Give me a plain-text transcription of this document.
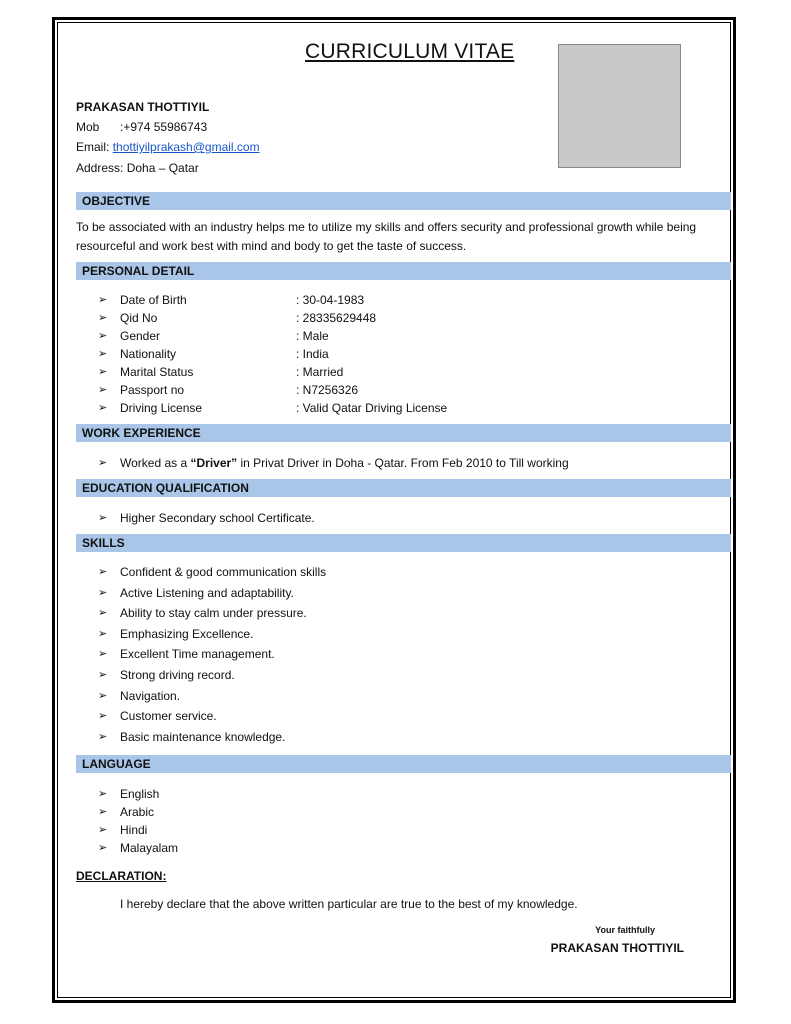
CURRICULUM VITAE
PRAKASAN THOTTIYIL
Mob :+974 55986743
Email: thottiyilprakash@gmail.com
Address: Doha – Qatar
OBJECTIVE
To be associated with an industry helps me to utilize my skills and offers security and professional growth while being resourceful and work best with mind and body to get the taste of success.
PERSONAL DETAIL
➢ Date of Birth	: 30-04-1983
➢ Qid No	: 28335629448
➢ Gender	: Male
➢ Nationality	: India
➢ Marital Status	: Married
➢ Passport no	: N7256326
➢ Driving License	: Valid Qatar Driving License
WORK EXPERIENCE
➢ Worked as a “Driver” in Privat Driver in Doha - Qatar. From Feb 2010 to Till working
EDUCATION QUALIFICATION
➢ Higher Secondary school Certificate.
SKILLS
➢ Confident & good communication skills
➢ Active Listening and adaptability.
➢ Ability to stay calm under pressure.
➢ Emphasizing Excellence.
➢ Excellent Time management.
➢ Strong driving record.
➢ Navigation.
➢ Customer service.
➢ Basic maintenance knowledge.
LANGUAGE
➢ English
➢ Arabic
➢ Hindi
➢ Malayalam
DECLARATION:
I hereby declare that the above written particular are true to the best of my knowledge.
Your faithfully
PRAKASAN THOTTIYIL
